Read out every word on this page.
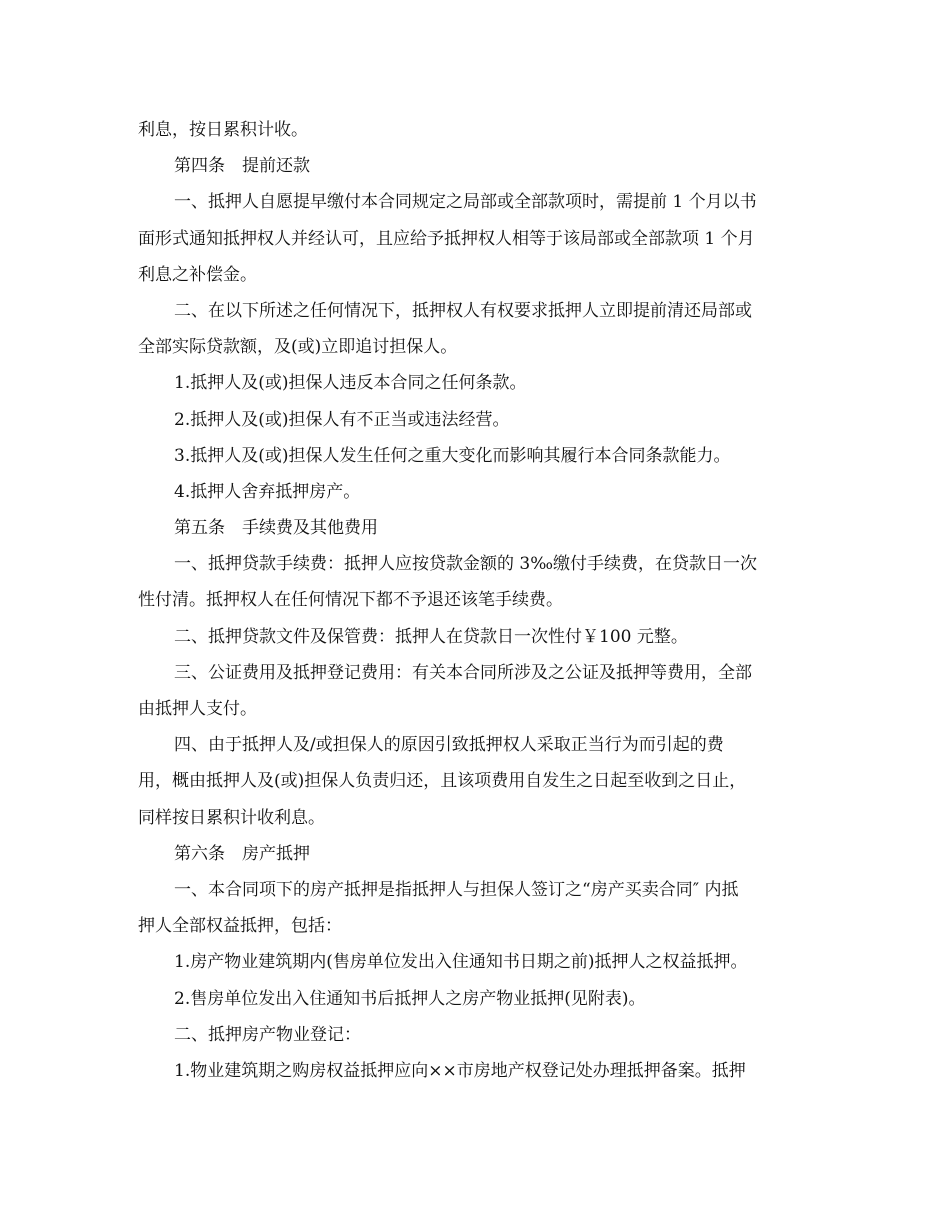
利息，按日累积计收。
第四条　提前还款
一、抵押人自愿提早缴付本合同规定之局部或全部款项时，需提前 1 个月以书
面形式通知抵押权人并经认可，且应给予抵押权人相等于该局部或全部款项 1 个月
利息之补偿金。
二、在以下所述之任何情况下，抵押权人有权要求抵押人立即提前清还局部或
全部实际贷款额，及(或)立即追讨担保人。
1.抵押人及(或)担保人违反本合同之任何条款。
2.抵押人及(或)担保人有不正当或违法经营。
3.抵押人及(或)担保人发生任何之重大变化而影响其履行本合同条款能力。
4.抵押人舍弃抵押房产。
第五条　手续费及其他费用
一、抵押贷款手续费：抵押人应按贷款金额的 3‰缴付手续费，在贷款日一次
性付清。抵押权人在任何情况下都不予退还该笔手续费。
二、抵押贷款文件及保管费：抵押人在贷款日一次性付￥100 元整。
三、公证费用及抵押登记费用：有关本合同所涉及之公证及抵押等费用，全部
由抵押人支付。
四、由于抵押人及/或担保人的原因引致抵押权人采取正当行为而引起的费
用，概由抵押人及(或)担保人负责归还，且该项费用自发生之日起至收到之日止，
同样按日累积计收利息。
第六条　房产抵押
一、本合同项下的房产抵押是指抵押人与担保人签订之“房产买卖合同″ 内抵
押人全部权益抵押，包括：
1.房产物业建筑期内(售房单位发出入住通知书日期之前)抵押人之权益抵押。
2.售房单位发出入住通知书后抵押人之房产物业抵押(见附表)。
二、抵押房产物业登记：
1.物业建筑期之购房权益抵押应向××市房地产权登记处办理抵押备案。抵押
